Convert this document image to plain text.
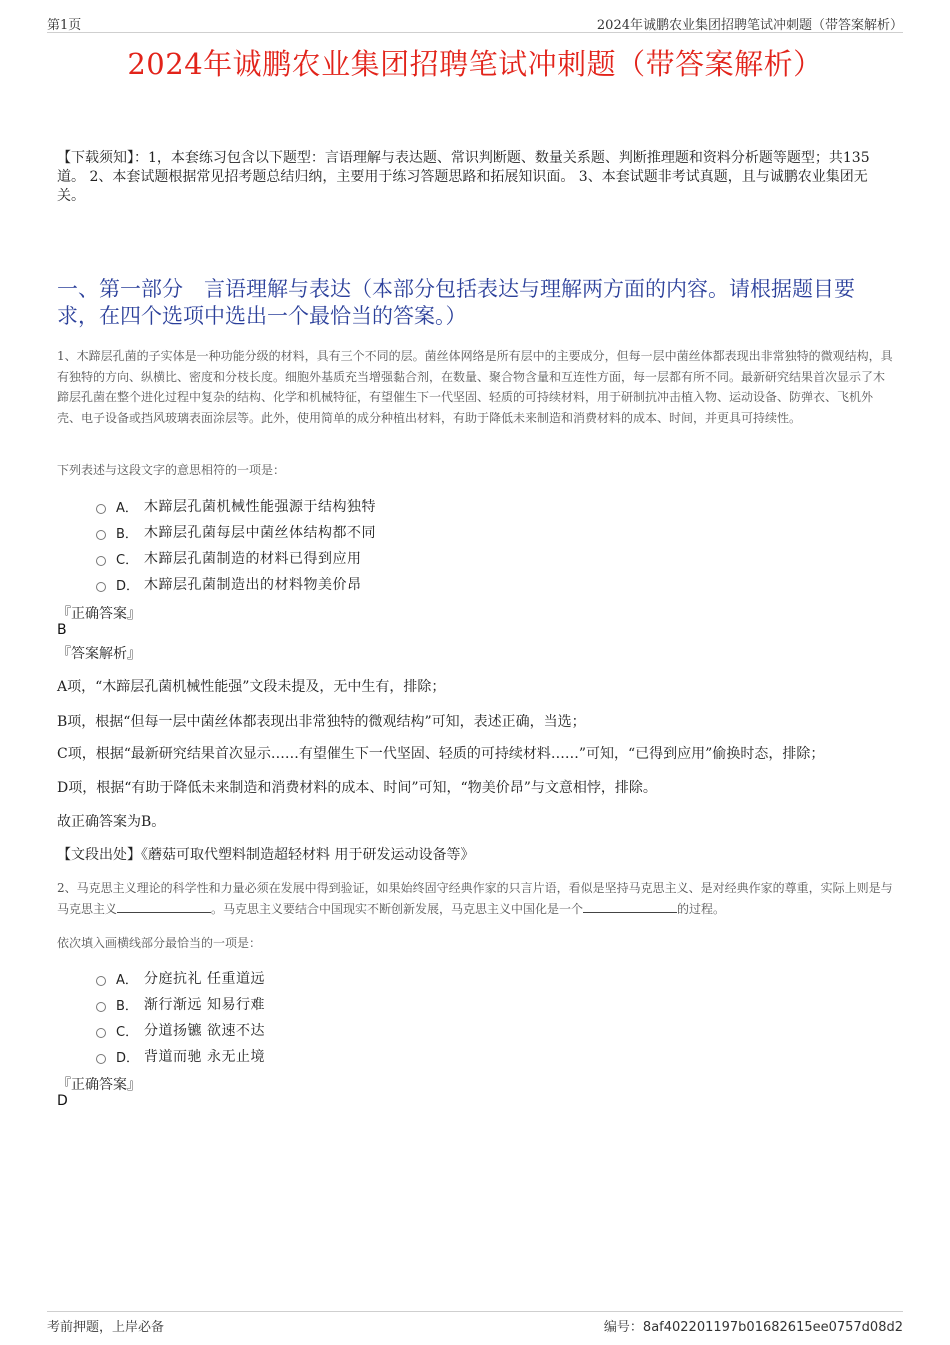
第1页	2024年诚鹏农业集团招聘笔试冲刺题（带答案解析）
2024年诚鹏农业集团招聘笔试冲刺题（带答案解析）
【下载须知】：1，本套练习包含以下题型：言语理解与表达题、常识判断题、数量关系题、判断推理题和资料分析题等题型；共135道。 2、本套试题根据常见招考题总结归纳，主要用于练习答题思路和拓展知识面。 3、本套试题非考试真题，且与诚鹏农业集团无关。
一、第一部分　言语理解与表达（本部分包括表达与理解两方面的内容。请根据题目要求，在四个选项中选出一个最恰当的答案。）
1、木蹄层孔菌的子实体是一种功能分级的材料，具有三个不同的层。菌丝体网络是所有层中的主要成分，但每一层中菌丝体都表现出非常独特的微观结构，具有独特的方向、纵横比、密度和分枝长度。细胞外基质充当增强黏合剂，在数量、聚合物含量和互连性方面，每一层都有所不同。最新研究结果首次显示了木蹄层孔菌在整个进化过程中复杂的结构、化学和机械特征，有望催生下一代坚固、轻质的可持续材料，用于研制抗冲击植入物、运动设备、防弹衣、飞机外壳、电子设备或挡风玻璃表面涂层等。此外，使用简单的成分种植出材料，有助于降低未来制造和消费材料的成本、时间，并更具可持续性。
下列表述与这段文字的意思相符的一项是：
A． 木蹄层孔菌机械性能强源于结构独特
B． 木蹄层孔菌每层中菌丝体结构都不同
C． 木蹄层孔菌制造的材料已得到应用
D． 木蹄层孔菌制造出的材料物美价昂
『正确答案』
B
『答案解析』
A项，“木蹄层孔菌机械性能强”文段未提及，无中生有，排除；
B项，根据“但每一层中菌丝体都表现出非常独特的微观结构”可知，表述正确，当选；
C项，根据“最新研究结果首次显示……有望催生下一代坚固、轻质的可持续材料……”可知，“已得到应用”偷换时态，排除；
D项，根据“有助于降低未来制造和消费材料的成本、时间”可知，“物美价昂”与文意相悖，排除。
故正确答案为B。
【文段出处】《蘑菇可取代塑料制造超轻材料 用于研发运动设备等》
2、马克思主义理论的科学性和力量必须在发展中得到验证，如果始终固守经典作家的只言片语，看似是坚持马克思主义、是对经典作家的尊重，实际上则是与马克思主义	。马克思主义要结合中国现实不断创新发展，马克思主义中国化是一个	的过程。
依次填入画横线部分最恰当的一项是：
A． 分庭抗礼 任重道远
B． 渐行渐远 知易行难
C． 分道扬镳 欲速不达
D． 背道而驰 永无止境
『正确答案』
D
考前押题，上岸必备	编号：8af402201197b01682615ee0757d08d2
